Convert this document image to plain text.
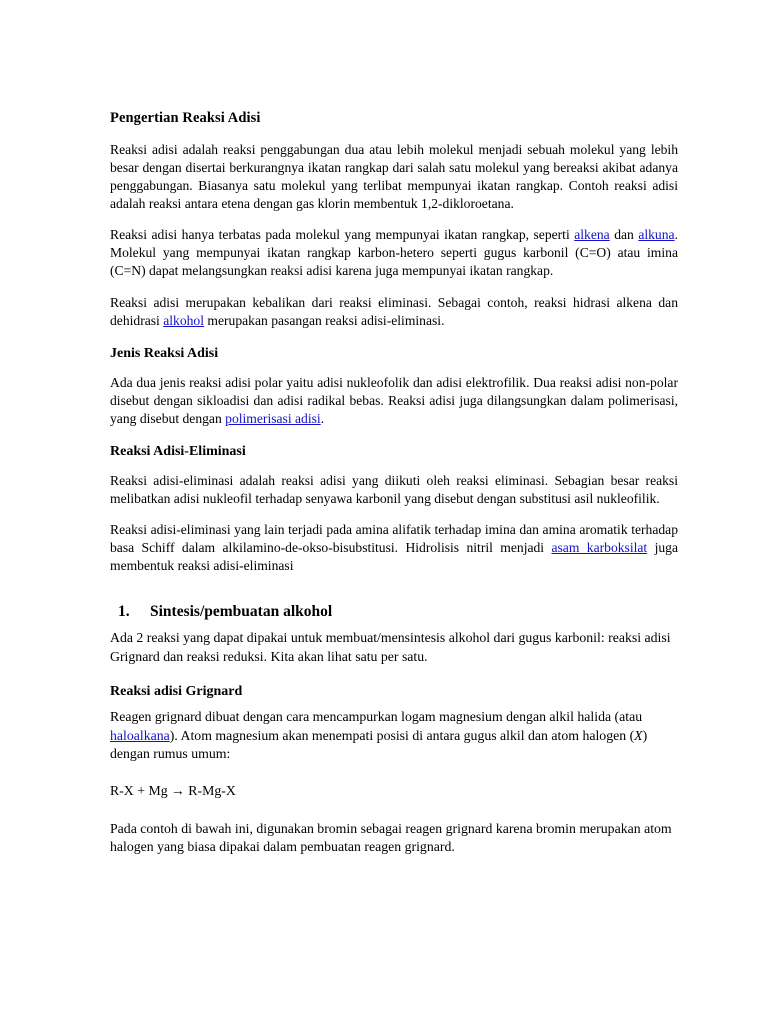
Pengertian Reaksi Adisi

Reaksi adisi adalah reaksi penggabungan dua atau lebih molekul menjadi sebuah molekul yang lebih besar dengan disertai berkurangnya ikatan rangkap dari salah satu molekul yang bereaksi akibat adanya penggabungan. Biasanya satu molekul yang terlibat mempunyai ikatan rangkap. Contoh reaksi adisi adalah reaksi antara etena dengan gas klorin membentuk 1,2-dikloroetana.

Reaksi adisi hanya terbatas pada molekul yang mempunyai ikatan rangkap, seperti alkena dan alkuna. Molekul yang mempunyai ikatan rangkap karbon-hetero seperti gugus karbonil (C=O) atau imina (C=N) dapat melangsungkan reaksi adisi karena juga mempunyai ikatan rangkap.

Reaksi adisi merupakan kebalikan dari reaksi eliminasi. Sebagai contoh, reaksi hidrasi alkena dan dehidrasi alkohol merupakan pasangan reaksi adisi-eliminasi.

Jenis Reaksi Adisi

Ada dua jenis reaksi adisi polar yaitu adisi nukleofolik dan adisi elektrofilik. Dua reaksi adisi non-polar disebut dengan sikloadisi dan adisi radikal bebas. Reaksi adisi juga dilangsungkan dalam polimerisasi, yang disebut dengan polimerisasi adisi.

Reaksi Adisi-Eliminasi

Reaksi adisi-eliminasi adalah reaksi adisi yang diikuti oleh reaksi eliminasi. Sebagian besar reaksi melibatkan adisi nukleofil terhadap senyawa karbonil yang disebut dengan substitusi asil nukleofilik.

Reaksi adisi-eliminasi yang lain terjadi pada amina alifatik terhadap imina dan amina aromatik terhadap basa Schiff dalam alkilamino-de-okso-bisubstitusi. Hidrolisis nitril menjadi asam karboksilat juga membentuk reaksi adisi-eliminasi

1.	Sintesis/pembuatan alkohol

Ada 2 reaksi yang dapat dipakai untuk membuat/mensintesis alkohol dari gugus karbonil: reaksi adisi Grignard dan reaksi reduksi. Kita akan lihat satu per satu.

Reaksi adisi Grignard

Reagen grignard dibuat dengan cara mencampurkan logam magnesium dengan alkil halida (atau haloalkana). Atom magnesium akan menempati posisi di antara gugus alkil dan atom halogen (X) dengan rumus umum:

R-X + Mg → R-Mg-X

Pada contoh di bawah ini, digunakan bromin sebagai reagen grignard karena bromin merupakan atom halogen yang biasa dipakai dalam pembuatan reagen grignard.
